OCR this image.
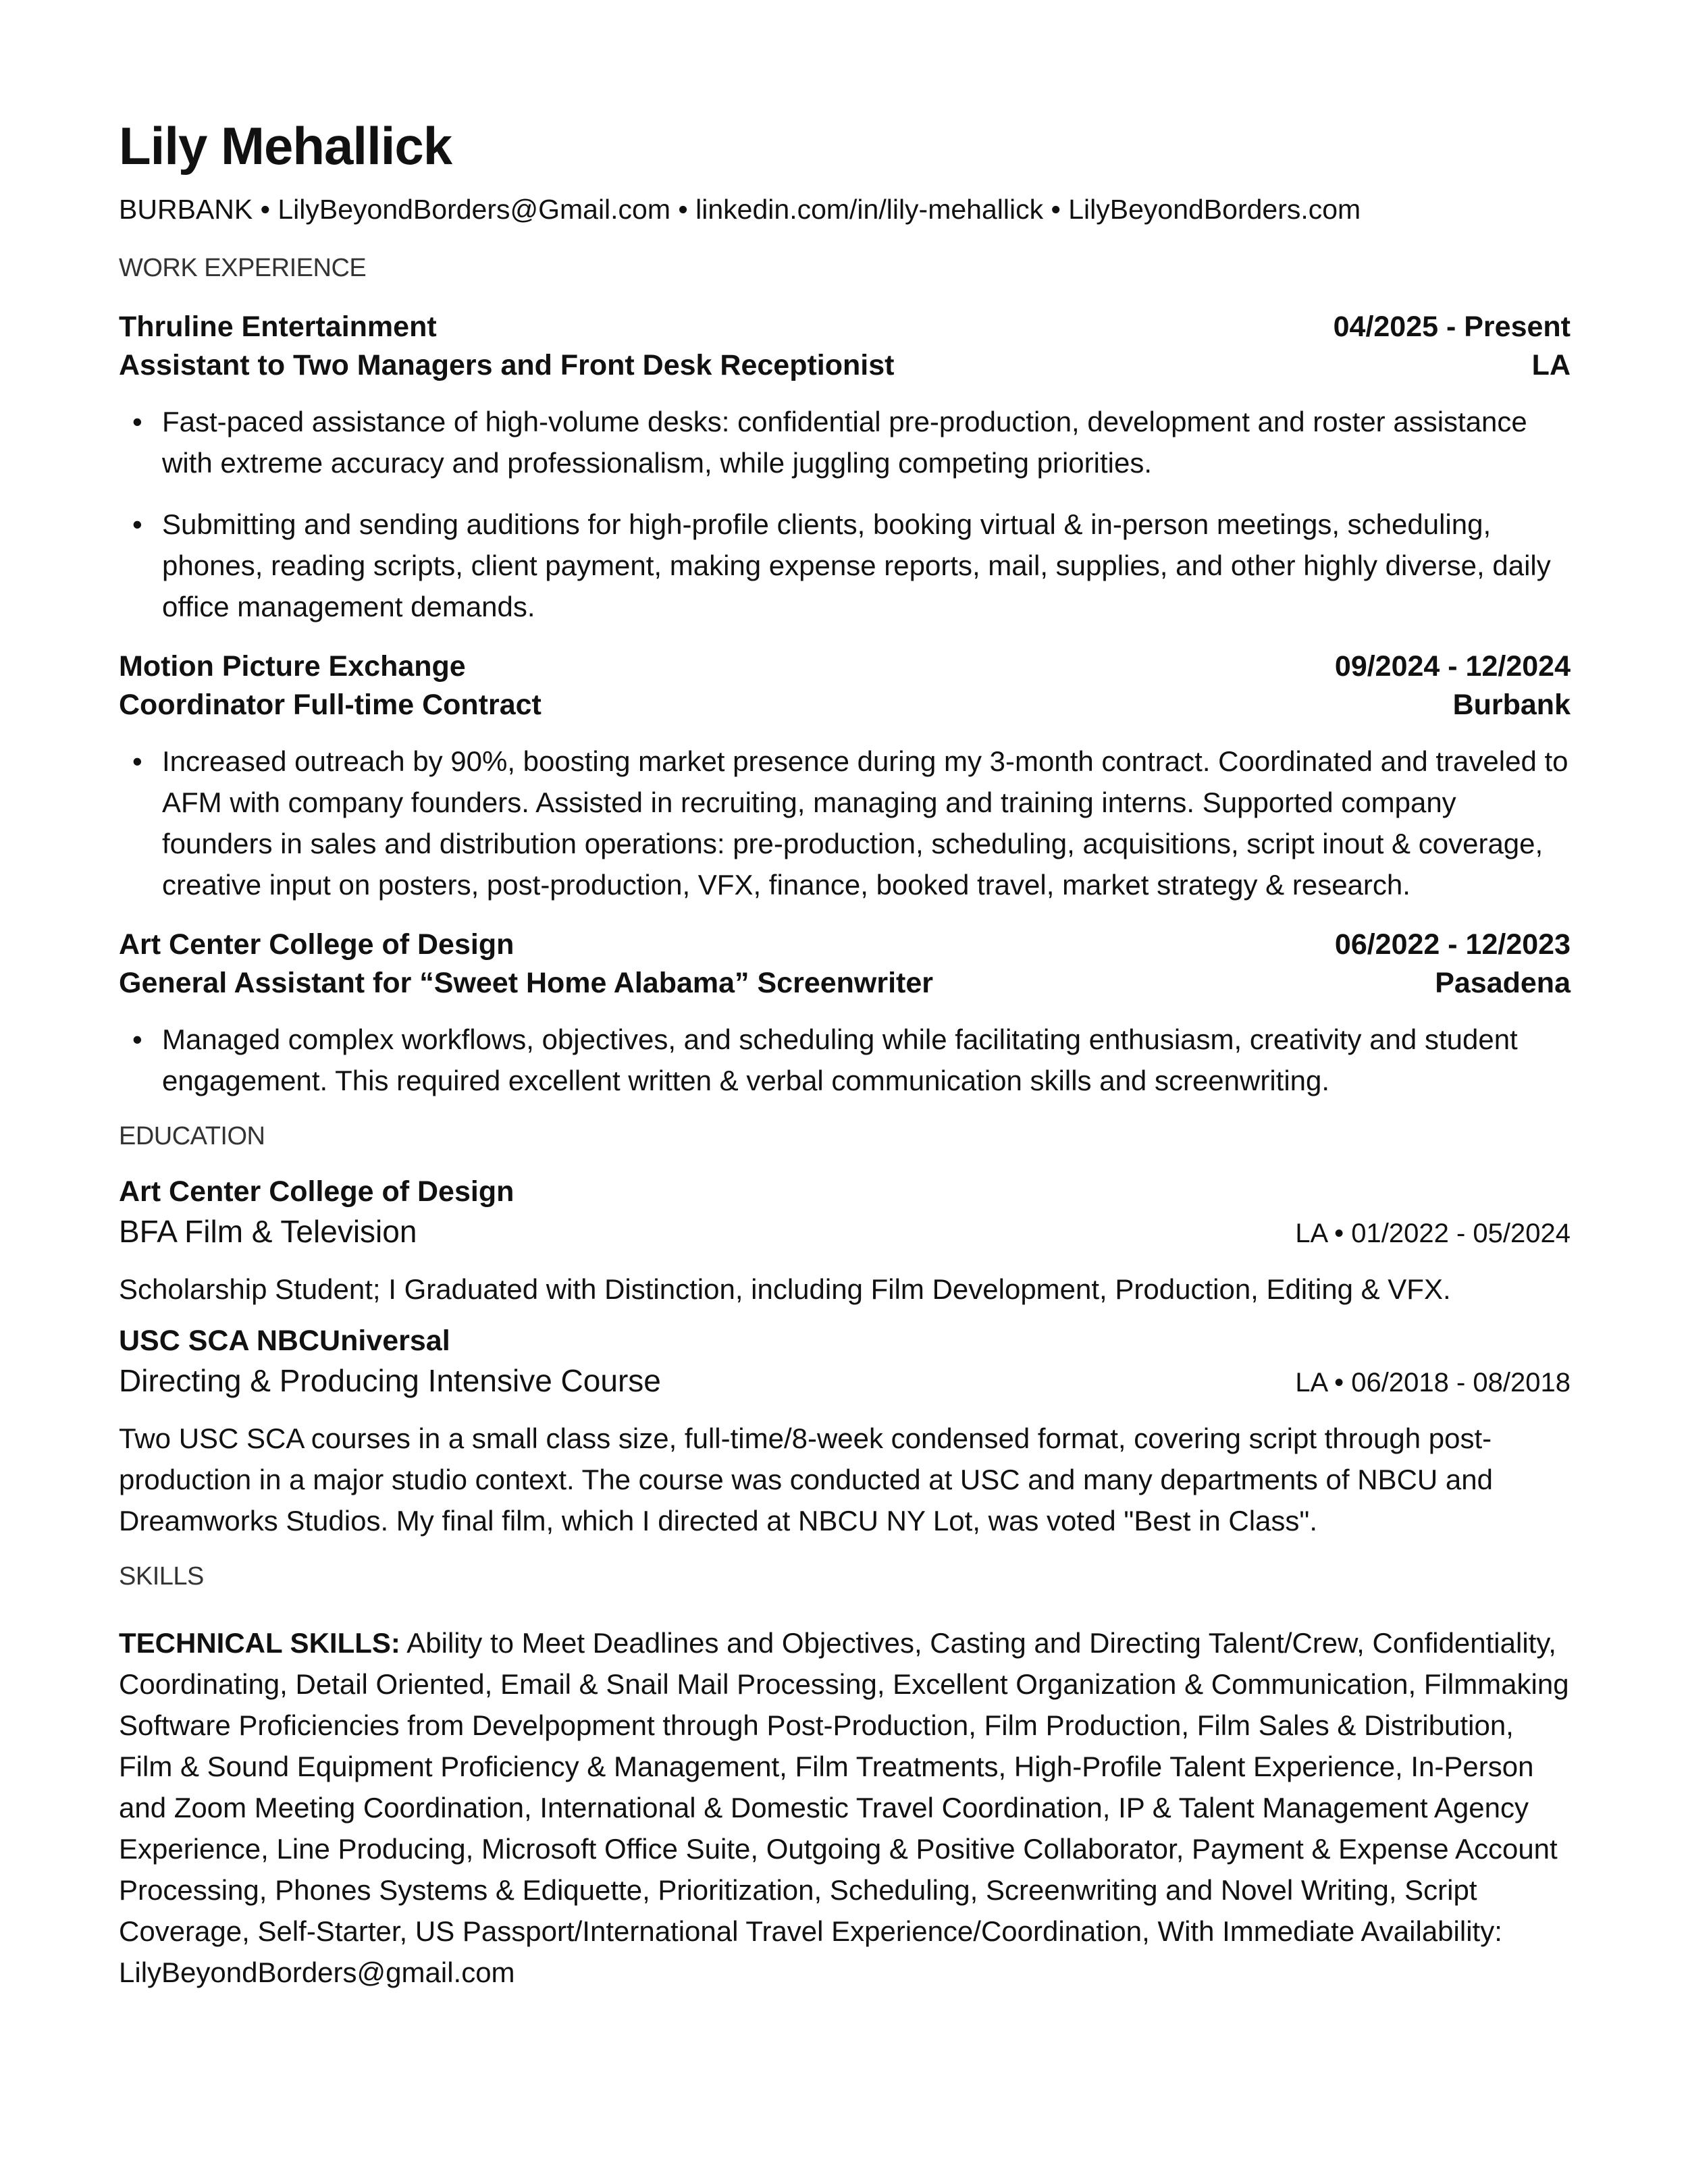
Lily Mehallick
BURBANK • LilyBeyondBorders@Gmail.com • linkedin.com/in/lily-mehallick • LilyBeyondBorders.com
WORK EXPERIENCE
Thruline Entertainment	04/2025 - Present
Assistant to Two Managers and Front Desk Receptionist	LA
• Fast-paced assistance of high-volume desks: confidential pre-production, development and roster assistance with extreme accuracy and professionalism, while juggling competing priorities.
• Submitting and sending auditions for high-profile clients, booking virtual & in-person meetings, scheduling, phones, reading scripts, client payment, making expense reports, mail, supplies, and other highly diverse, daily office management demands.
Motion Picture Exchange	09/2024 - 12/2024
Coordinator Full-time Contract	Burbank
• Increased outreach by 90%, boosting market presence during my 3-month contract. Coordinated and traveled to AFM with company founders. Assisted in recruiting, managing and training interns. Supported company founders in sales and distribution operations: pre-production, scheduling, acquisitions, script inout & coverage, creative input on posters, post-production, VFX, finance, booked travel, market strategy & research.
Art Center College of Design	06/2022 - 12/2023
General Assistant for “Sweet Home Alabama” Screenwriter	Pasadena
• Managed complex workflows, objectives, and scheduling while facilitating enthusiasm, creativity and student engagement. This required excellent written & verbal communication skills and screenwriting.
EDUCATION
Art Center College of Design
BFA Film & Television	LA • 01/2022 - 05/2024
Scholarship Student; I Graduated with Distinction, including Film Development, Production, Editing & VFX.
USC SCA NBCUniversal
Directing & Producing Intensive Course	LA • 06/2018 - 08/2018
Two USC SCA courses in a small class size, full-time/8-week condensed format, covering script through post-production in a major studio context. The course was conducted at USC and many departments of NBCU and Dreamworks Studios. My final film, which I directed at NBCU NY Lot, was voted "Best in Class".
SKILLS

TECHNICAL SKILLS: Ability to Meet Deadlines and Objectives, Casting and Directing Talent/Crew, Confidentiality, Coordinating, Detail Oriented, Email & Snail Mail Processing, Excellent Organization & Communication, Filmmaking Software Proficiencies from Develpopment through Post-Production, Film Production, Film Sales & Distribution, Film & Sound Equipment Proficiency & Management, Film Treatments, High-Profile Talent Experience, In-Person and Zoom Meeting Coordination, International & Domestic Travel Coordination, IP & Talent Management Agency Experience, Line Producing, Microsoft Office Suite, Outgoing & Positive Collaborator, Payment & Expense Account Processing, Phones Systems & Ediquette, Prioritization, Scheduling, Screenwriting and Novel Writing, Script Coverage, Self-Starter, US Passport/International Travel Experience/Coordination, With Immediate Availability: LilyBeyondBorders@gmail.com
